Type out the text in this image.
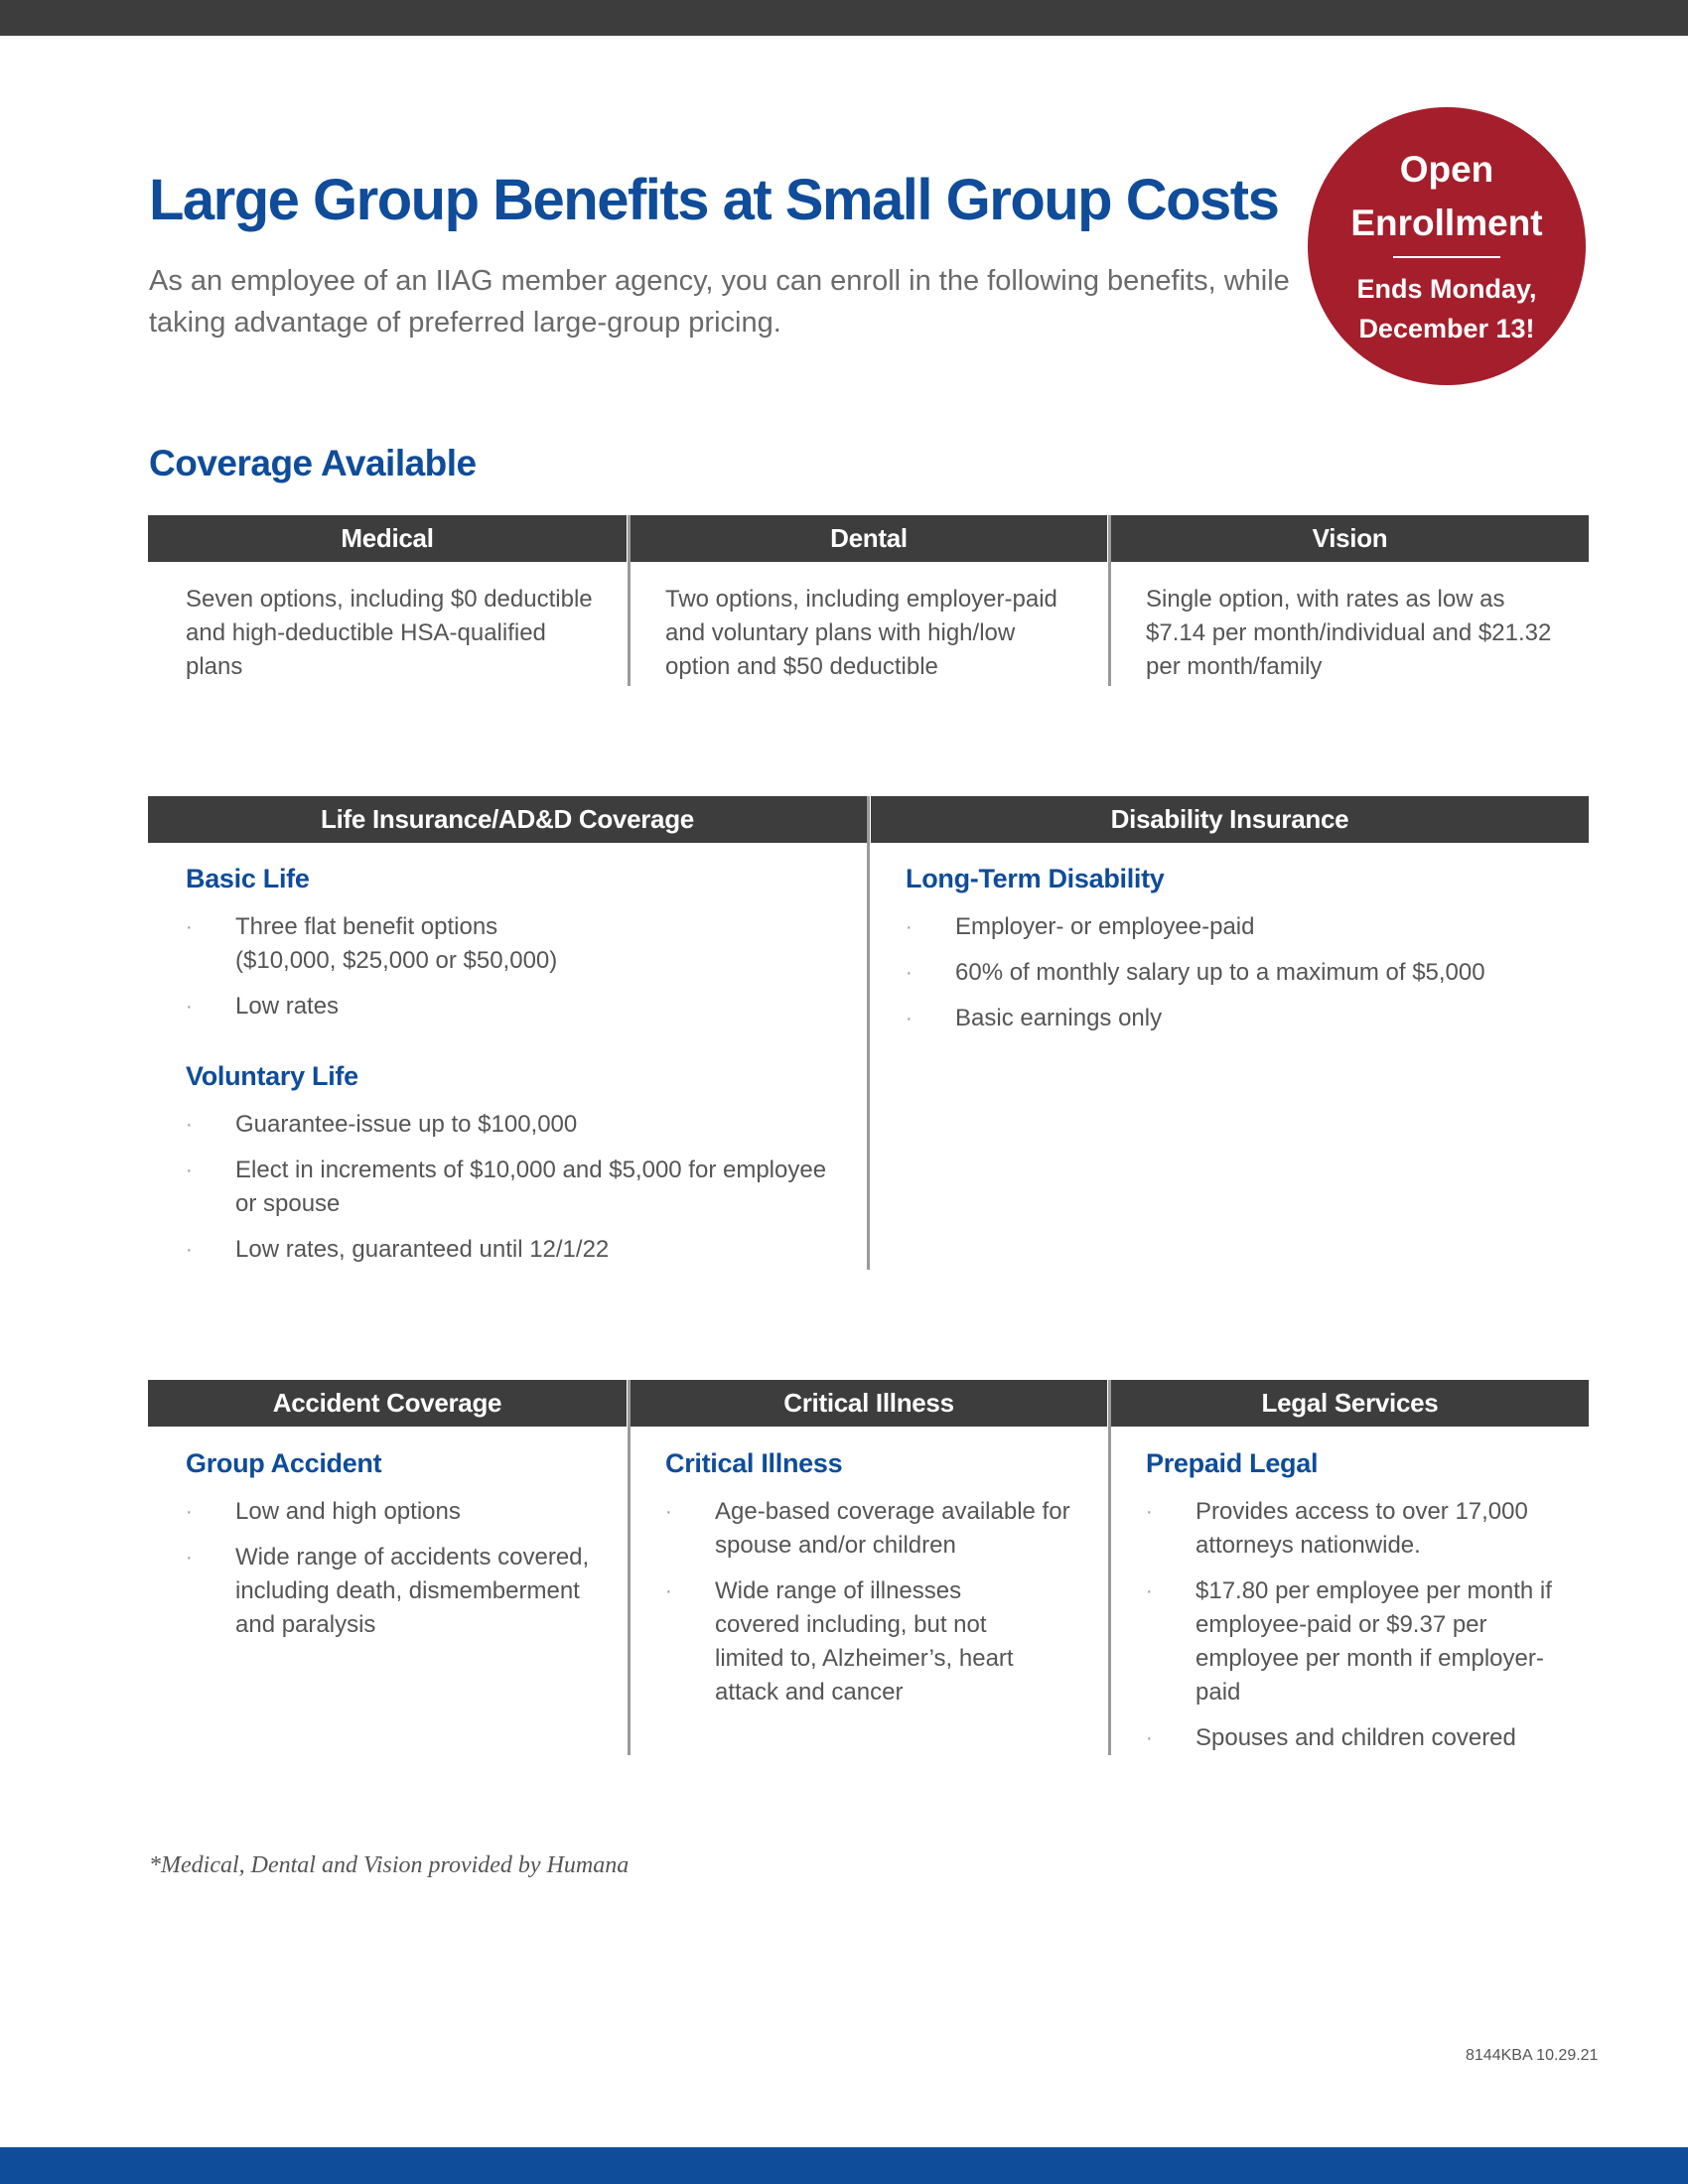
Large Group Benefits at Small Group Costs

As an employee of an IIAG member agency, you can enroll in the following benefits, while taking advantage of preferred large-group pricing.

Open
Enrollment
Ends Monday,
December 13!
Coverage Available
Medical	Dental	Vision
Seven options, including $0 deductible and high-deductible HSA-qualified plans
Two options, including employer-paid and voluntary plans with high/low option and $50 deductible
Single option, with rates as low as $7.14 per month/individual and $21.32 per month/family
Life Insurance/AD&D Coverage	Disability Insurance
Basic Life
· Three flat benefit options ($10,000, $25,000 or $50,000)
· Low rates
Voluntary Life
· Guarantee-issue up to $100,000
· Elect in increments of $10,000 and $5,000 for employee or spouse
· Low rates, guaranteed until 12/1/22
Long-Term Disability
· Employer- or employee-paid
· 60% of monthly salary up to a maximum of $5,000
· Basic earnings only
Accident Coverage	Critical Illness	Legal Services
Group Accident
· Low and high options
· Wide range of accidents covered, including death, dismemberment and paralysis
Critical Illness
· Age-based coverage available for spouse and/or children
· Wide range of illnesses covered including, but not limited to, Alzheimer’s, heart attack and cancer
Prepaid Legal
· Provides access to over 17,000 attorneys nationwide.
· $17.80 per employee per month if employee-paid or $9.37 per employee per month if employer-paid
· Spouses and children covered

*Medical, Dental and Vision provided by Humana

8144KBA 10.29.21
